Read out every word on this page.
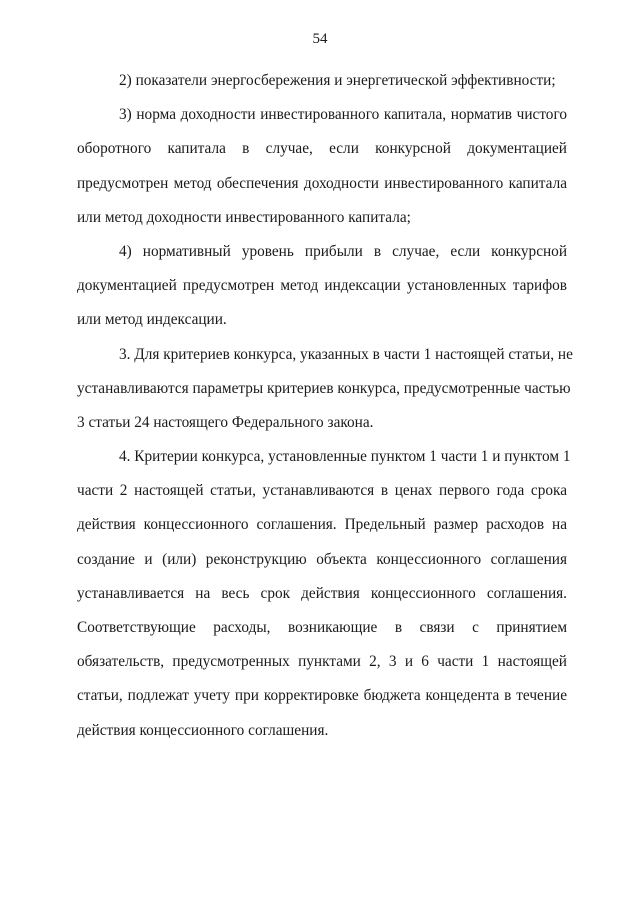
54
2) показатели энергосбережения и энергетической эффективности;
3) норма доходности инвестированного капитала, норматив чистого
оборотного капитала в случае, если конкурсной документацией
предусмотрен метод обеспечения доходности инвестированного капитала
или метод доходности инвестированного капитала;
4) нормативный уровень прибыли в случае, если конкурсной
документацией предусмотрен метод индексации установленных тарифов
или метод индексации.
3. Для критериев конкурса, указанных в части 1 настоящей статьи, не
устанавливаются параметры критериев конкурса, предусмотренные частью
3 статьи 24 настоящего Федерального закона.
4. Критерии конкурса, установленные пунктом 1 части 1 и пунктом 1
части 2 настоящей статьи, устанавливаются в ценах первого года срока
действия концессионного соглашения. Предельный размер расходов на
создание и (или) реконструкцию объекта концессионного соглашения
устанавливается на весь срок действия концессионного соглашения.
Соответствующие расходы, возникающие в связи с принятием
обязательств, предусмотренных пунктами 2, 3 и 6 части 1 настоящей
статьи, подлежат учету при корректировке бюджета концедента в течение
действия концессионного соглашения.
